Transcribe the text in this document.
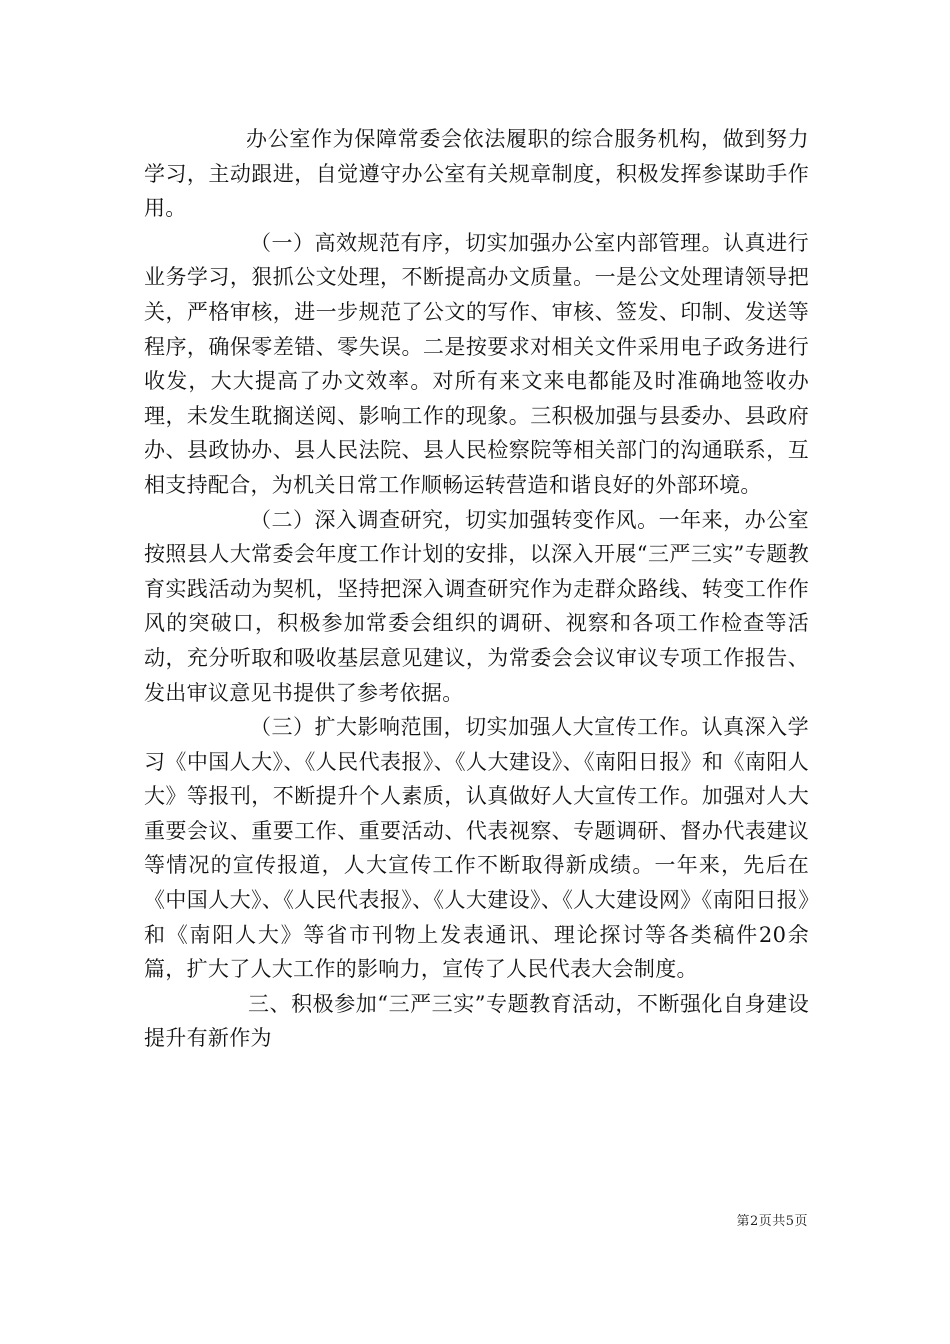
办公室作为保障常委会依法履职的综合服务机构，做到努力学习，主动跟进，自觉遵守办公室有关规章制度，积极发挥参谋助手作用。

（一）高效规范有序，切实加强办公室内部管理。认真进行业务学习，狠抓公文处理，不断提高办文质量。一是公文处理请领导把关，严格审核，进一步规范了公文的写作、审核、签发、印制、发送等程序，确保零差错、零失误。二是按要求对相关文件采用电子政务进行收发，大大提高了办文效率。对所有来文来电都能及时准确地签收办理，未发生耽搁送阅、影响工作的现象。三积极加强与县委办、县政府办、县政协办、县人民法院、县人民检察院等相关部门的沟通联系，互相支持配合，为机关日常工作顺畅运转营造和谐良好的外部环境。

（二）深入调查研究，切实加强转变作风。一年来，办公室按照县人大常委会年度工作计划的安排，以深入开展“三严三实”专题教育实践活动为契机，坚持把深入调查研究作为走群众路线、转变工作作风的突破口，积极参加常委会组织的调研、视察和各项工作检查等活动，充分听取和吸收基层意见建议，为常委会会议审议专项工作报告、发出审议意见书提供了参考依据。

（三）扩大影响范围，切实加强人大宣传工作。认真深入学习《中国人大》、《人民代表报》、《人大建设》、《南阳日报》和《南阳人大》等报刊，不断提升个人素质，认真做好人大宣传工作。加强对人大重要会议、重要工作、重要活动、代表视察、专题调研、督办代表建议等情况的宣传报道，人大宣传工作不断取得新成绩。一年来，先后在《中国人大》、《人民代表报》、《人大建设》、《人大建设网》《南阳日报》和《南阳人大》等省市刊物上发表通讯、理论探讨等各类稿件20余篇，扩大了人大工作的影响力，宣传了人民代表大会制度。

三、积极参加“三严三实”专题教育活动，不断强化自身建设提升有新作为

第2页共5页
